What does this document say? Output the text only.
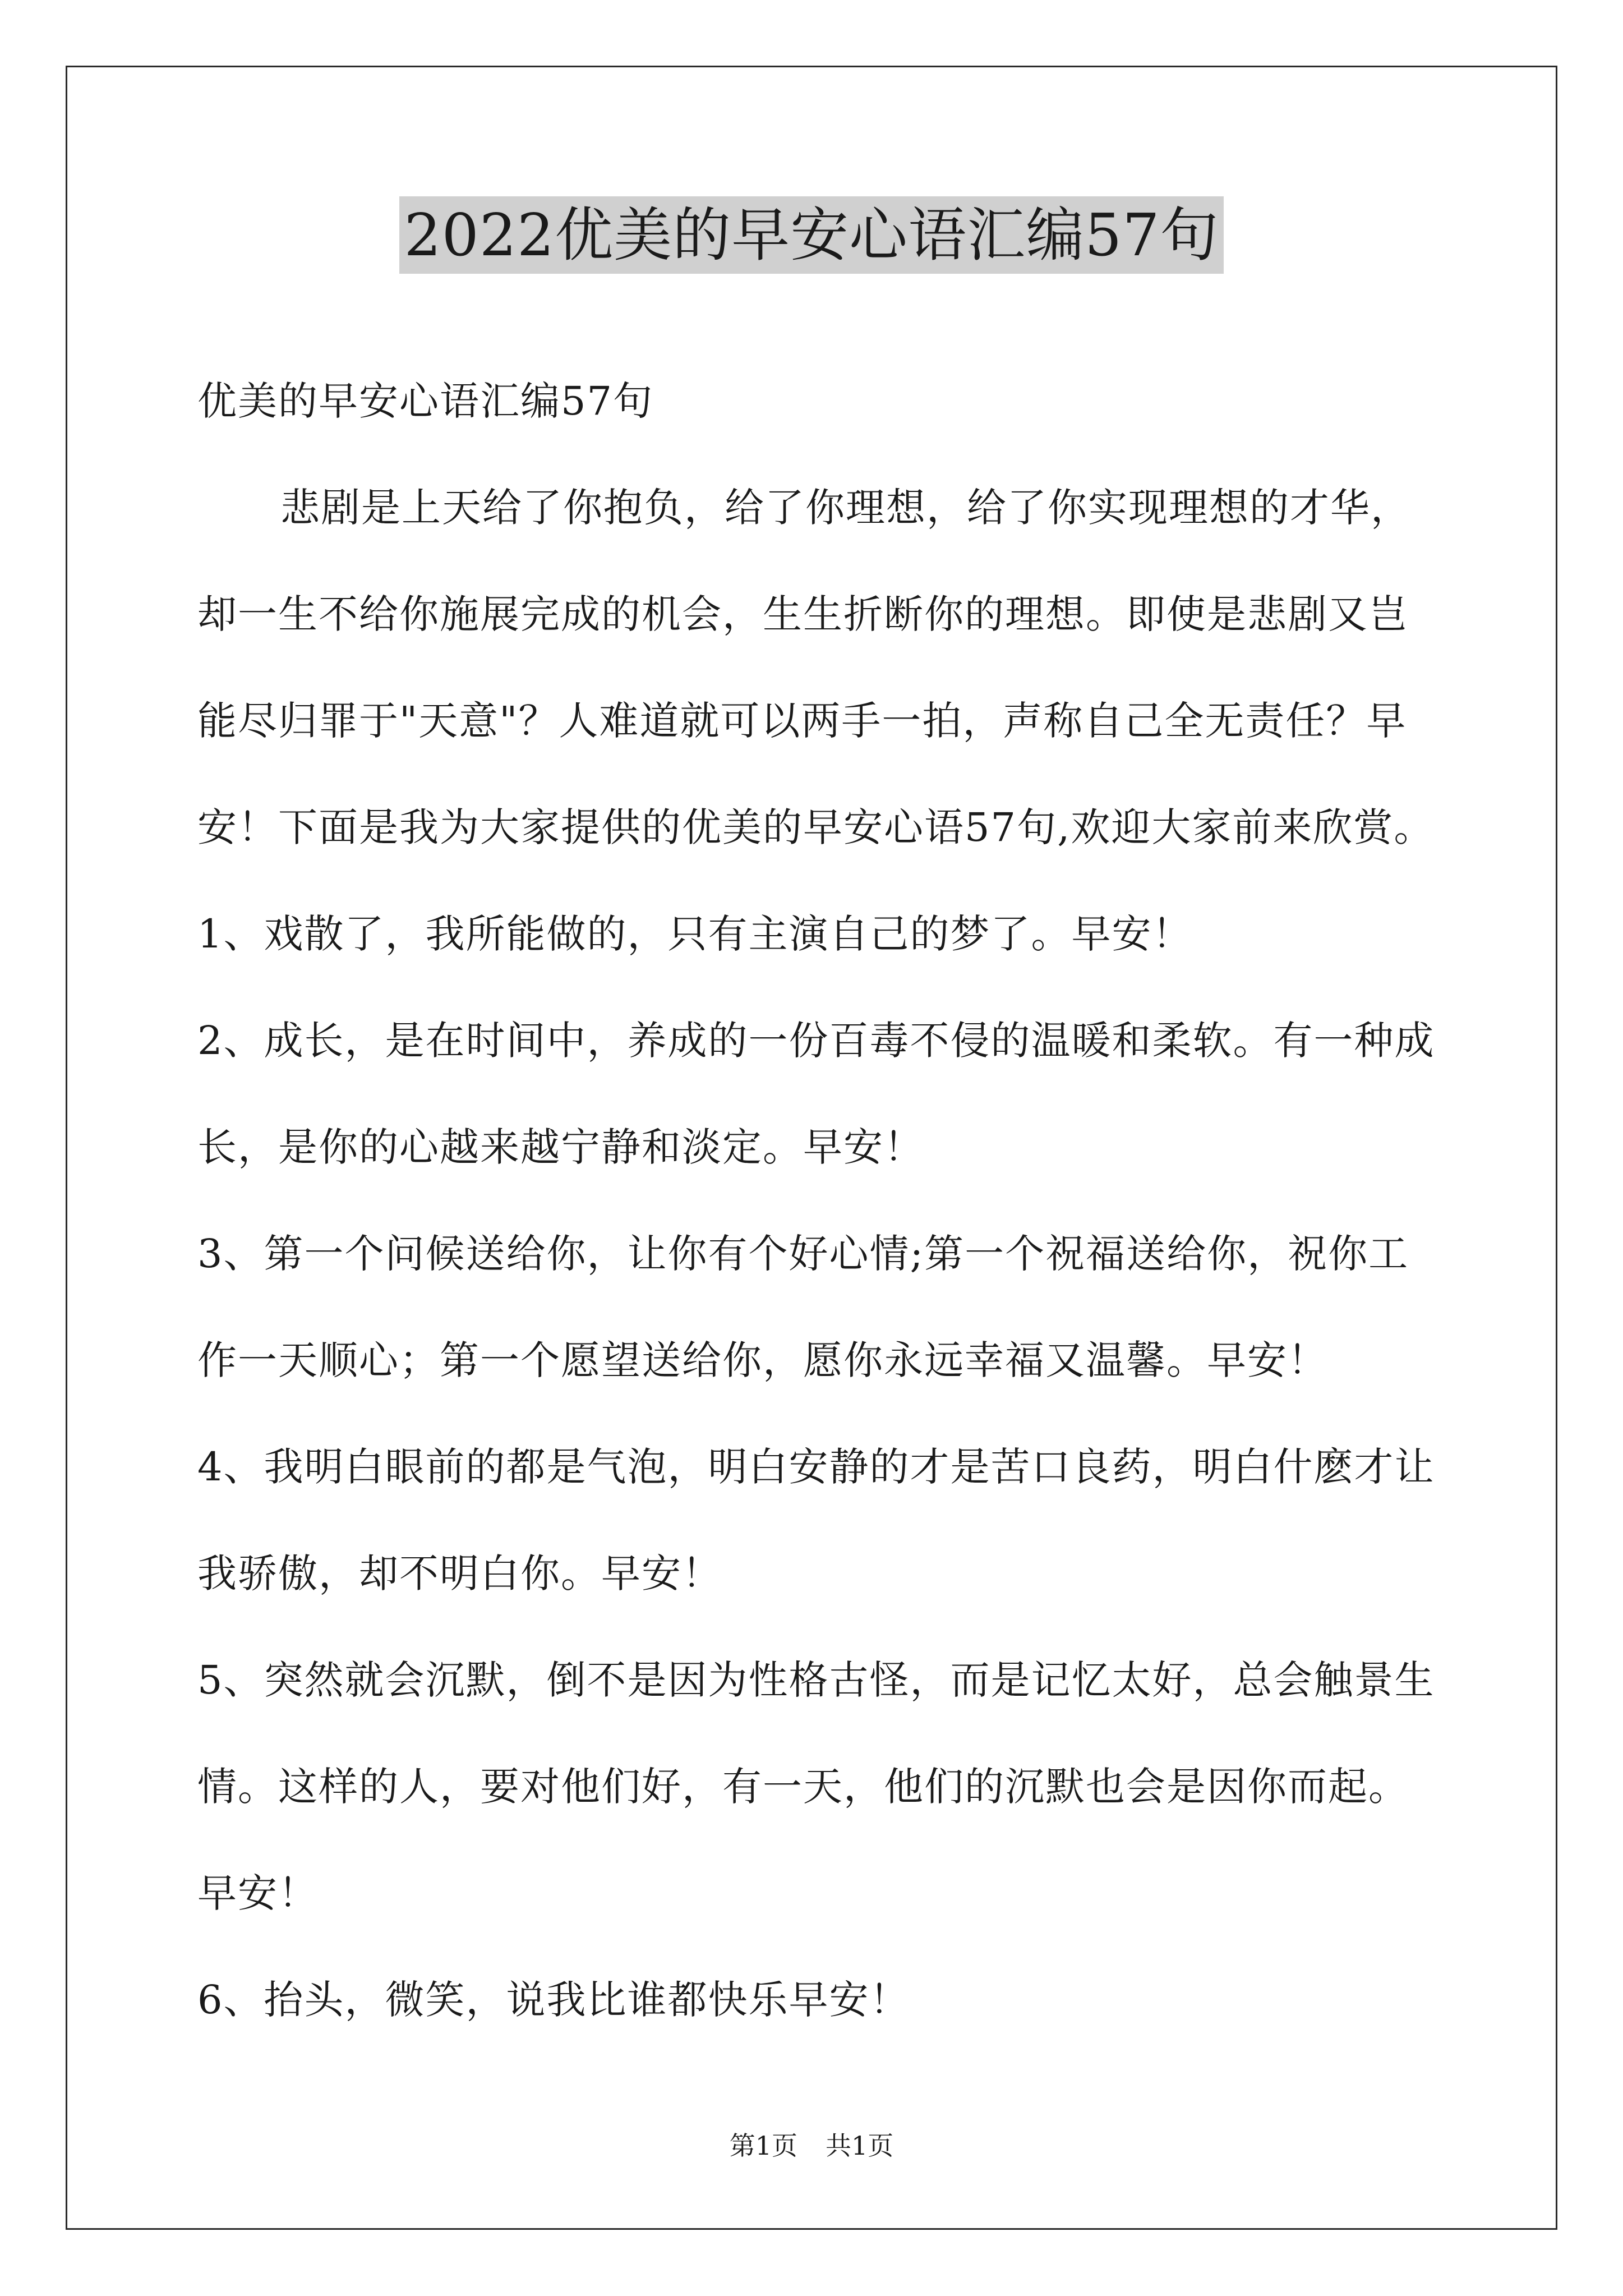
2022优美的早安心语汇编57句

优美的早安心语汇编57句

悲剧是上天给了你抱负，给了你理想，给了你实现理想的才华，

却一生不给你施展完成的机会，生生折断你的理想。即使是悲剧又岂

能尽归罪于"天意"？人难道就可以两手一拍，声称自己全无责任？早

安！下面是我为大家提供的优美的早安心语57句,欢迎大家前来欣赏。

1、戏散了，我所能做的，只有主演自己的梦了。早安！

2、成长，是在时间中，养成的一份百毒不侵的温暖和柔软。有一种成

长，是你的心越来越宁静和淡定。早安！

3、第一个问候送给你，让你有个好心情;第一个祝福送给你，祝你工

作一天顺心；第一个愿望送给你，愿你永远幸福又温馨。早安！

4、我明白眼前的都是气泡，明白安静的才是苦口良药，明白什麽才让

我骄傲，却不明白你。早安！

5、突然就会沉默，倒不是因为性格古怪，而是记忆太好，总会触景生

情。这样的人，要对他们好，有一天，他们的沉默也会是因你而起。

早安！

6、抬头，微笑，说我比谁都快乐早安！

第1页 共1页
